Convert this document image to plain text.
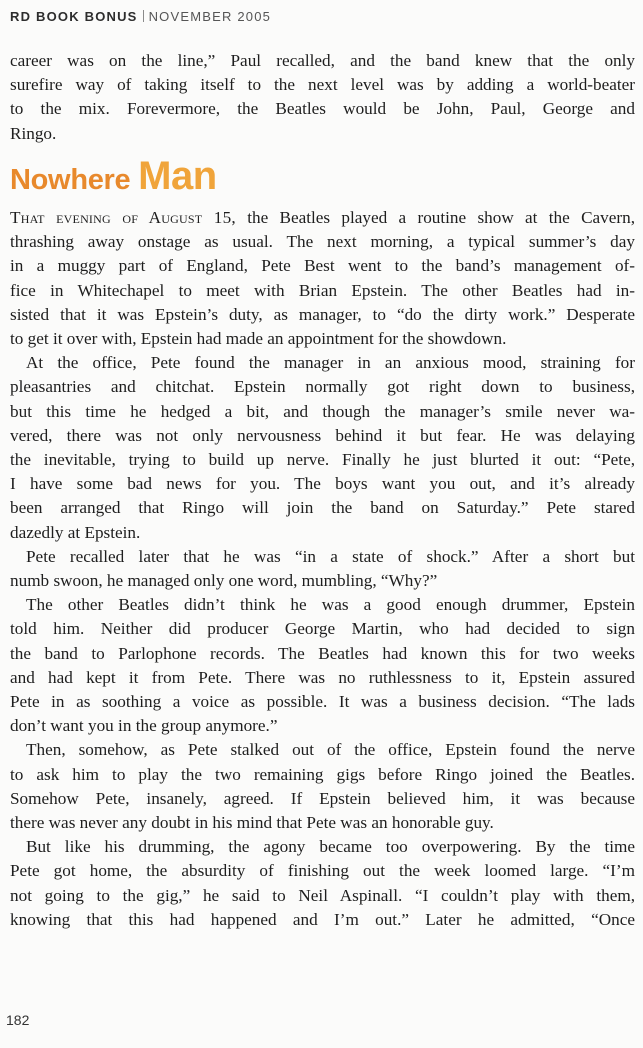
RD BOOK BONUS NOVEMBER 2005

career was on the line,” Paul recalled, and the band knew that the only

surefire way of taking itself to the next level was by adding a world-beater

to the mix. Forevermore, the Beatles would be John, Paul, George and

Ringo.

Nowhere Man

That evening of August 15, the Beatles played a routine show at the Cavern,

thrashing away onstage as usual. The next morning, a typical summer’s day

in a muggy part of England, Pete Best went to the band’s management of-

fice in Whitechapel to meet with Brian Epstein. The other Beatles had in-

sisted that it was Epstein’s duty, as manager, to “do the dirty work.” Desperate

to get it over with, Epstein had made an appointment for the showdown.

At the office, Pete found the manager in an anxious mood, straining for

pleasantries and chitchat. Epstein normally got right down to business,

but this time he hedged a bit, and though the manager’s smile never wa-

vered, there was not only nervousness behind it but fear. He was delaying

the inevitable, trying to build up nerve. Finally he just blurted it out: “Pete,

I have some bad news for you. The boys want you out, and it’s already

been arranged that Ringo will join the band on Saturday.” Pete stared

dazedly at Epstein.

Pete recalled later that he was “in a state of shock.” After a short but

numb swoon, he managed only one word, mumbling, “Why?”

The other Beatles didn’t think he was a good enough drummer, Epstein

told him. Neither did producer George Martin, who had decided to sign

the band to Parlophone records. The Beatles had known this for two weeks

and had kept it from Pete. There was no ruthlessness to it, Epstein assured

Pete in as soothing a voice as possible. It was a business decision. “The lads

don’t want you in the group anymore.”

Then, somehow, as Pete stalked out of the office, Epstein found the nerve

to ask him to play the two remaining gigs before Ringo joined the Beatles.

Somehow Pete, insanely, agreed. If Epstein believed him, it was because

there was never any doubt in his mind that Pete was an honorable guy.

But like his drumming, the agony became too overpowering. By the time

Pete got home, the absurdity of finishing out the week loomed large. “I’m

not going to the gig,” he said to Neil Aspinall. “I couldn’t play with them,

knowing that this had happened and I’m out.” Later he admitted, “Once

182
